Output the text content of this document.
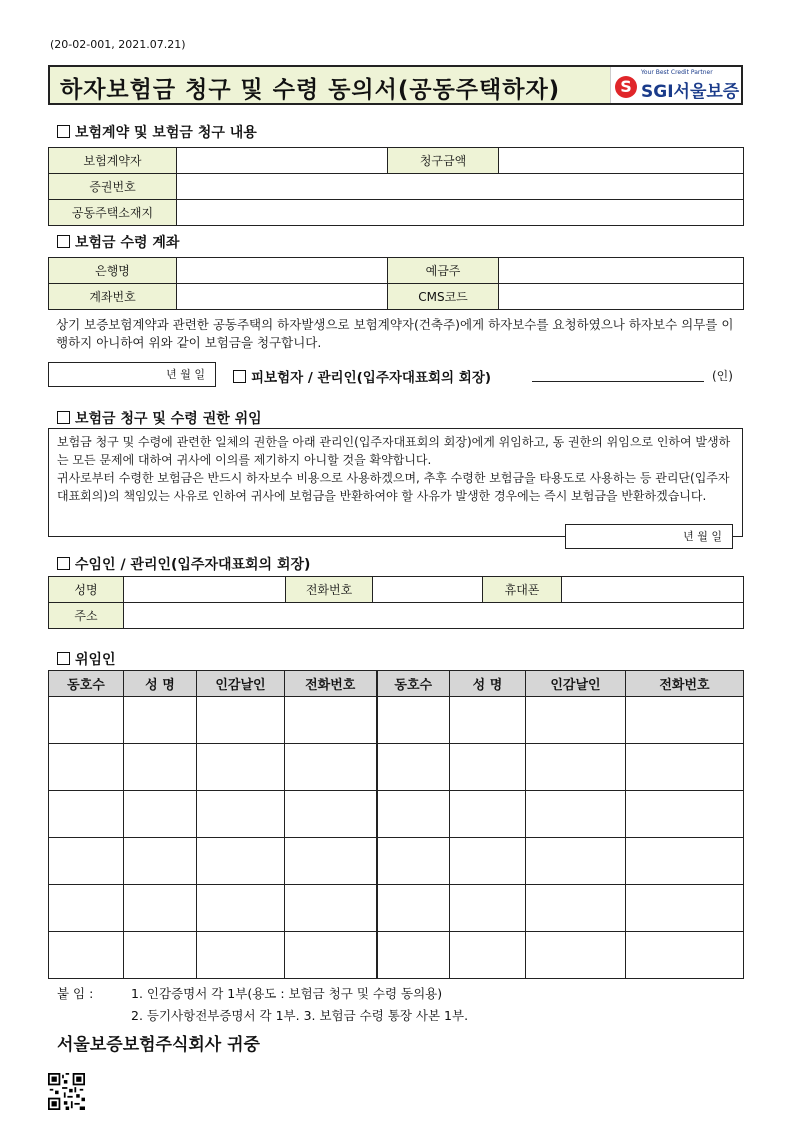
(20-02-001, 2021.07.21)
하자보험금 청구 및 수령 동의서(공동주택하자)
Your Best Credit Partner
S SGI서울보증
보험계약 및 보험금 청구 내용
보험계약자		청구금액	
증권번호			
공동주택소재지			
보험금 수령 계좌
은행명		예금주	
계좌번호		CMS코드	
상기 보증보험계약과 관련한 공동주택의 하자발생으로 보험계약자(건축주)에게 하자보수를 요청하였으나 하자보수 의무를 이행하지 아니하여 위와 같이 보험금을 청구합니다.
년 월 일	피보험자 / 관리인(입주자대표회의 회장)	(인)
보험금 청구 및 수령 권한 위임
보험금 청구 및 수령에 관련한 일체의 권한을 아래 관리인(입주자대표회의 회장)에게 위임하고, 동 권한의 위임으로 인하여 발생하는 모든 문제에 대하여 귀사에 이의를 제기하지 아니할 것을 확약합니다.
귀사로부터 수령한 보험금은 반드시 하자보수 비용으로 사용하겠으며, 추후 수령한 보험금을 타용도로 사용하는 등 관리단(입주자대표회의)의 책임있는 사유로 인하여 귀사에 보험금을 반환하여야 할 사유가 발생한 경우에는 즉시 보험금을 반환하겠습니다.
년 월 일
수임인 / 관리인(입주자대표회의 회장)
성명		전화번호		휴대폰	
주소					
위임인
동호수	성 명	인감날인	전화번호	동호수	성 명	인감날인	전화번호

붙 임 :	1. 인감증명서 각 1부(용도 : 보험금 청구 및 수령 동의용)
2. 등기사항전부증명서 각 1부. 3. 보험금 수령 통장 사본 1부.
서울보증보험주식회사 귀중
